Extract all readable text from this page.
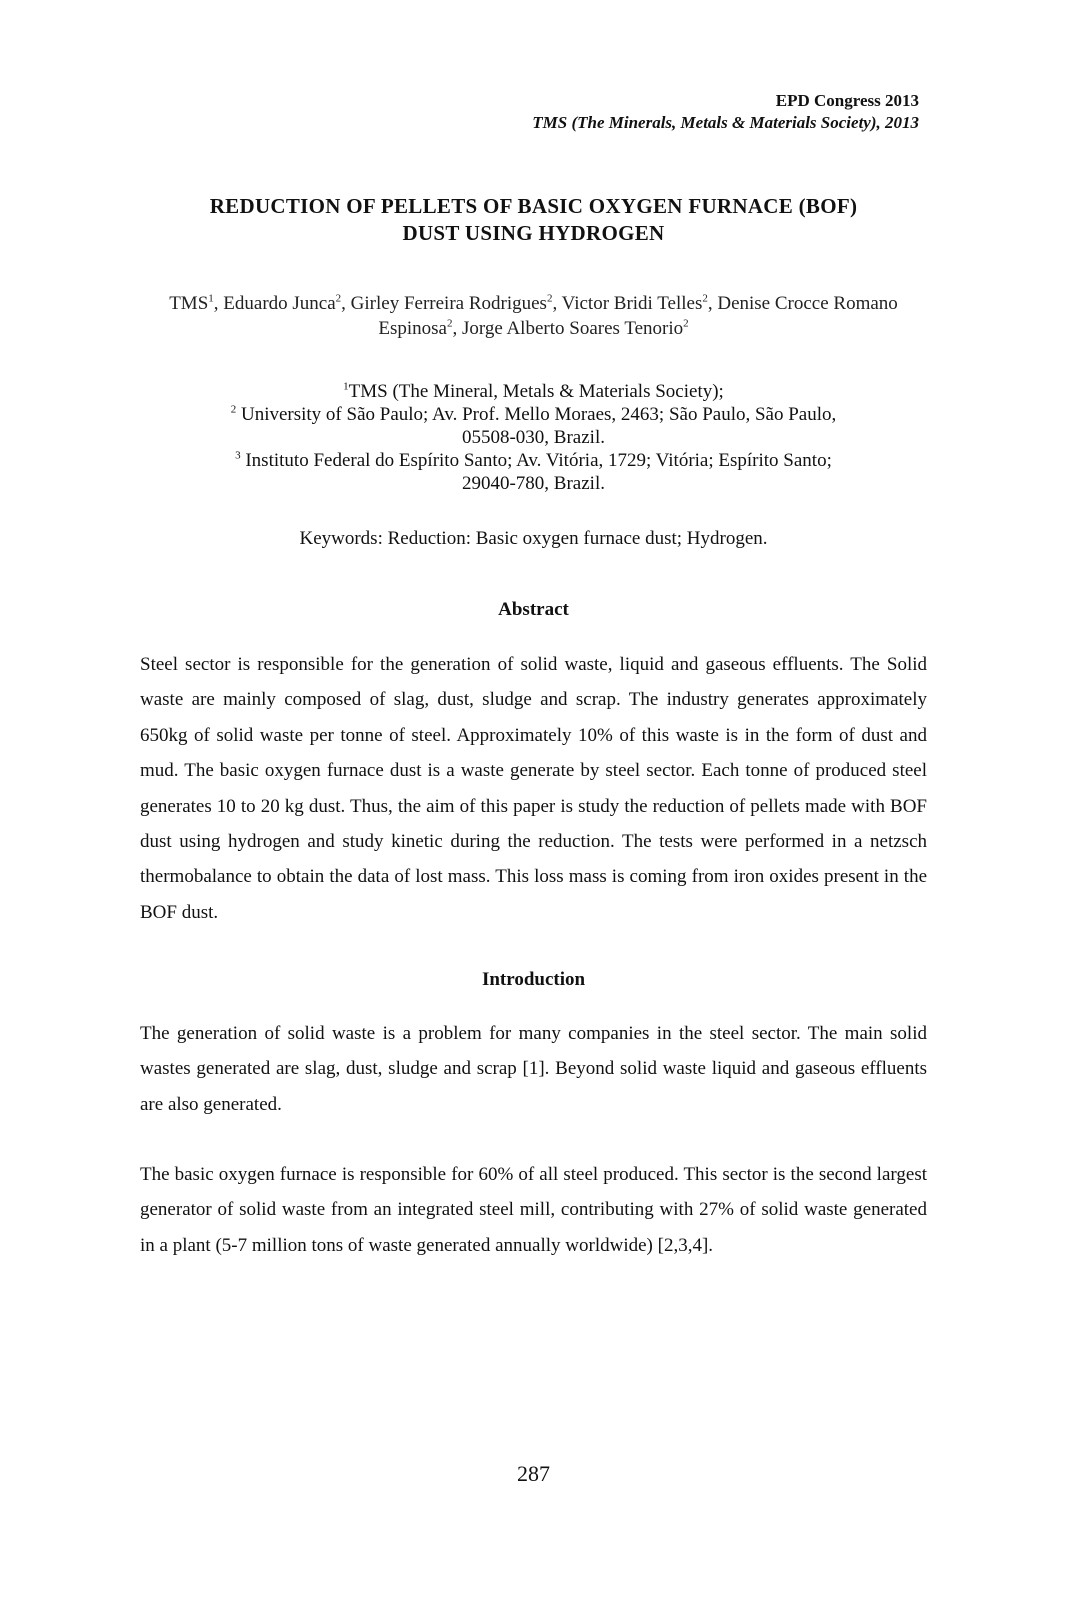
EPD Congress 2013
TMS (The Minerals, Metals & Materials Society), 2013
REDUCTION OF PELLETS OF BASIC OXYGEN FURNACE (BOF)
DUST USING HYDROGEN
TMS$^1$, Eduardo Junca$^2$, Girley Ferreira Rodrigues$^2$, Victor Bridi Telles$^2$, Denise Crocce Romano Espinosa$^2$, Jorge Alberto Soares Tenorio$^2$
$^1$TMS (The Mineral, Metals & Materials Society);
$^2$ University of São Paulo; Av. Prof. Mello Moraes, 2463; São Paulo, São Paulo,
05508-030, Brazil.
$^3$ Instituto Federal do Espírito Santo; Av. Vitória, 1729; Vitória; Espírito Santo;
29040-780, Brazil.
Keywords: Reduction: Basic oxygen furnace dust; Hydrogen.
Abstract
Steel sector is responsible for the generation of solid waste, liquid and gaseous effluents. The Solid waste are mainly composed of slag, dust, sludge and scrap. The industry generates approximately 650kg of solid waste per tonne of steel. Approximately 10% of this waste is in the form of dust and mud. The basic oxygen furnace dust is a waste generate by steel sector. Each tonne of produced steel generates 10 to 20 kg dust. Thus, the aim of this paper is study the reduction of pellets made with BOF dust using hydrogen and study kinetic during the reduction. The tests were performed in a netzsch thermobalance to obtain the data of lost mass. This loss mass is coming from iron oxides present in the BOF dust.
Introduction
The generation of solid waste is a problem for many companies in the steel sector. The main solid wastes generated are slag, dust, sludge and scrap [1]. Beyond solid waste liquid and gaseous effluents are also generated.
The basic oxygen furnace is responsible for 60% of all steel produced. This sector is the second largest generator of solid waste from an integrated steel mill, contributing with 27% of solid waste generated in a plant (5-7 million tons of waste generated annually worldwide) [2,3,4].
287
